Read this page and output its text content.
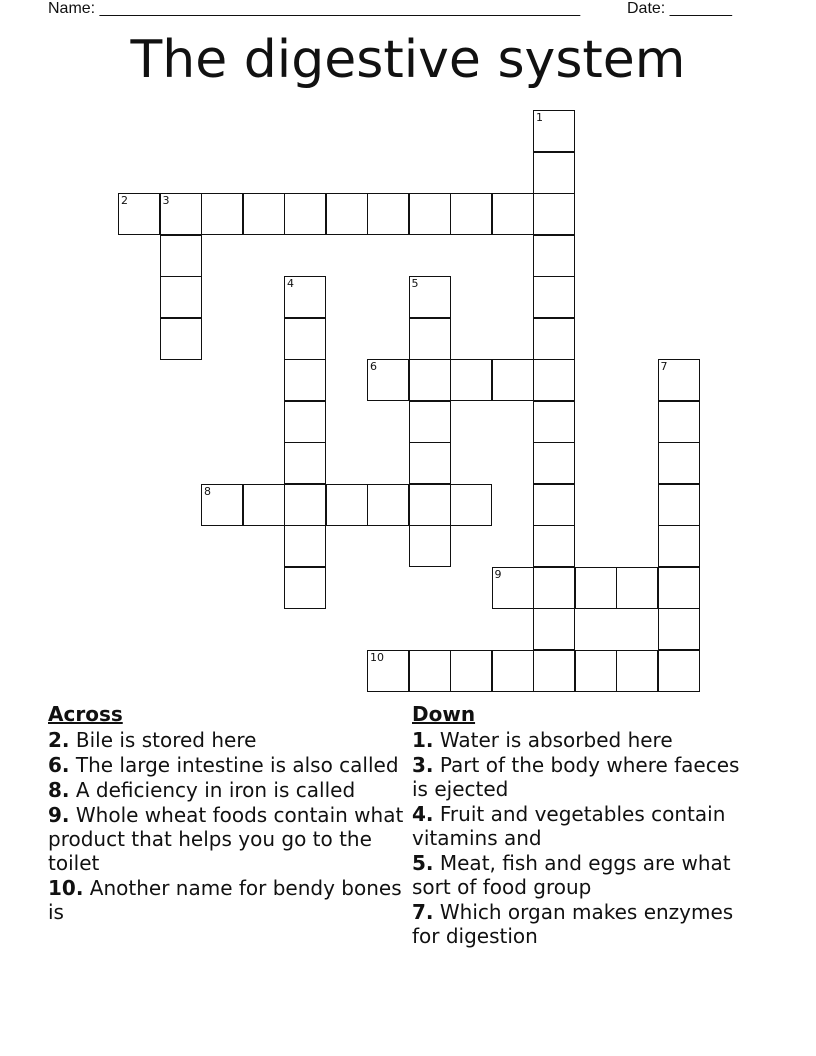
Name: ______________________________________________________	Date: _______
The digestive system
1
2	3
4	5
6	7
8
9
10
Across
2. Bile is stored here
6. The large intestine is also called
8. A deficiency in iron is called
9. Whole wheat foods contain what product that helps you go to the toilet
10. Another name for bendy bones is
Down
1. Water is absorbed here
3. Part of the body where faeces is ejected
4. Fruit and vegetables contain vitamins and
5. Meat, fish and eggs are what sort of food group
7. Which organ makes enzymes for digestion
